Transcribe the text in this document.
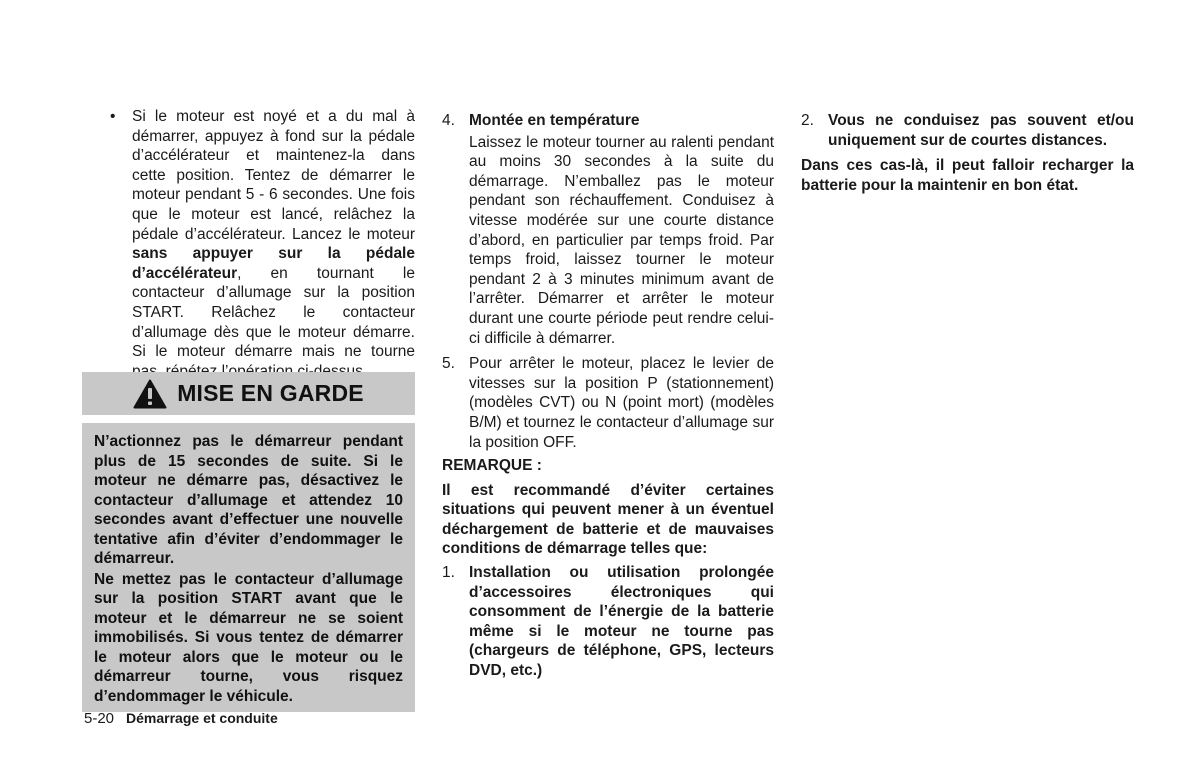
•	Si le moteur est noyé et a du mal à démarrer, appuyez à fond sur la pédale d’accélérateur et maintenez-la dans cette position. Tentez de démarrer le moteur pendant 5 - 6 secondes. Une fois que le moteur est lancé, relâchez la pédale d’accélérateur. Lancez le moteur sans appuyer sur la pédale d’accélérateur, en tournant le contacteur d’allumage sur la position START. Relâchez le contacteur d’allumage dès que le moteur démarre. Si le moteur démarre mais ne tourne
MISE EN GARDE

N’actionnez pas le démarreur pendant plus de 15 secondes de suite. Si le moteur ne démarre pas, désactivez le contacteur d’allumage et attendez 10 secondes avant d’effectuer une nouvelle tentative afin d’éviter d’endommager le démarreur.

Ne mettez pas le contacteur d’allumage sur la position START avant que le moteur et le démarreur ne se soient immobilisés. Si vous tentez de démarrer le moteur alors que le moteur ou le démarreur tourne, vous risquez d’endommager le véhicule.

4. Montée en température
Laissez le moteur tourner au ralenti pendant au moins 30 secondes à la suite du démarrage. N’emballez pas le moteur pendant son réchauffement. Conduisez à vitesse modérée sur une courte distance d’abord, en particulier par temps froid. Par temps froid, laissez tourner le moteur pendant 2 à 3 minutes minimum avant de l’arrêter. Démarrer et arrêter le moteur durant une courte période peut rendre celui-ci difficile à démarrer.
5. Pour arrêter le moteur, placez le levier de vitesses sur la position P (stationnement) (modèles CVT) ou N (point mort) (modèles B/M) et tournez le contacteur d’allumage sur la position OFF.
REMARQUE :
Il est recommandé d’éviter certaines situations qui peuvent mener à un éventuel déchargement de batterie et de mauvaises conditions de démarrage telles que:
1. Installation ou utilisation prolongée d’accessoires électroniques qui consomment de l’énergie de la batterie même si le moteur ne tourne pas (chargeurs de téléphone, GPS, lecteurs DVD, etc.)
2. Vous ne conduisez pas souvent et/ou uniquement sur de courtes distances.
Dans ces cas-là, il peut falloir recharger la batterie pour la maintenir en bon état.
5-20 Démarrage et conduite
